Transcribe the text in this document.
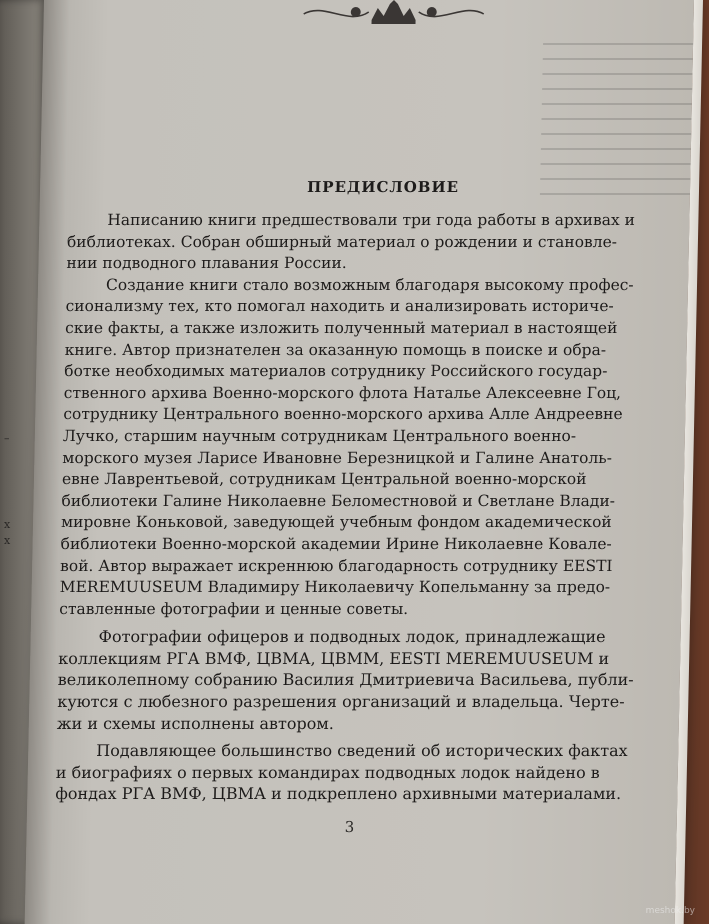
–
x
x
ПРЕДИСЛОВИЕ

Написанию книги предшествовали три года работы в архивах и
библиотеках. Собран обширный материал о рождении и становле-
нии подводного плавания России.

Создание книги стало возможным благодаря высокому профес-
сионализму тех, кто помогал находить и анализировать историче-
ские факты, а также изложить полученный материал в настоящей
книге. Автор признателен за оказанную помощь в поиске и обра-
ботке необходимых материалов сотруднику Российского государ-
ственного архива Военно-морского флота Наталье Алексеевне Гоц,
сотруднику Центрального военно-морского архива Алле Андреевне
Лучко, старшим научным сотрудникам Центрального военно-
морского музея Ларисе Ивановне Березницкой и Галине Анатоль-
евне Лаврентьевой, сотрудникам Центральной военно-морской
библиотеки Галине Николаевне Беломестновой и Светлане Влади-
мировне Коньковой, заведующей учебным фондом академической
библиотеки Военно-морской академии Ирине Николаевне Ковале-
вой. Автор выражает искреннюю благодарность сотруднику EESTI
MEREMUUSEUM Владимиру Николаевичу Копельманну за предо-
ставленные фотографии и ценные советы.

Фотографии офицеров и подводных лодок, принадлежащие
коллекциям РГА ВМФ, ЦВМА, ЦВММ, EESTI MEREMUUSEUM и
великолепному собранию Василия Дмитриевича Васильева, публи-
куются с любезного разрешения организаций и владельца. Черте-
жи и схемы исполнены автором.

Подавляющее большинство сведений об исторических фактах
и биографиях о первых командирах подводных лодок найдено в
фондах РГА ВМФ, ЦВМА и подкреплено архивными материалами.

3
meshok.by
